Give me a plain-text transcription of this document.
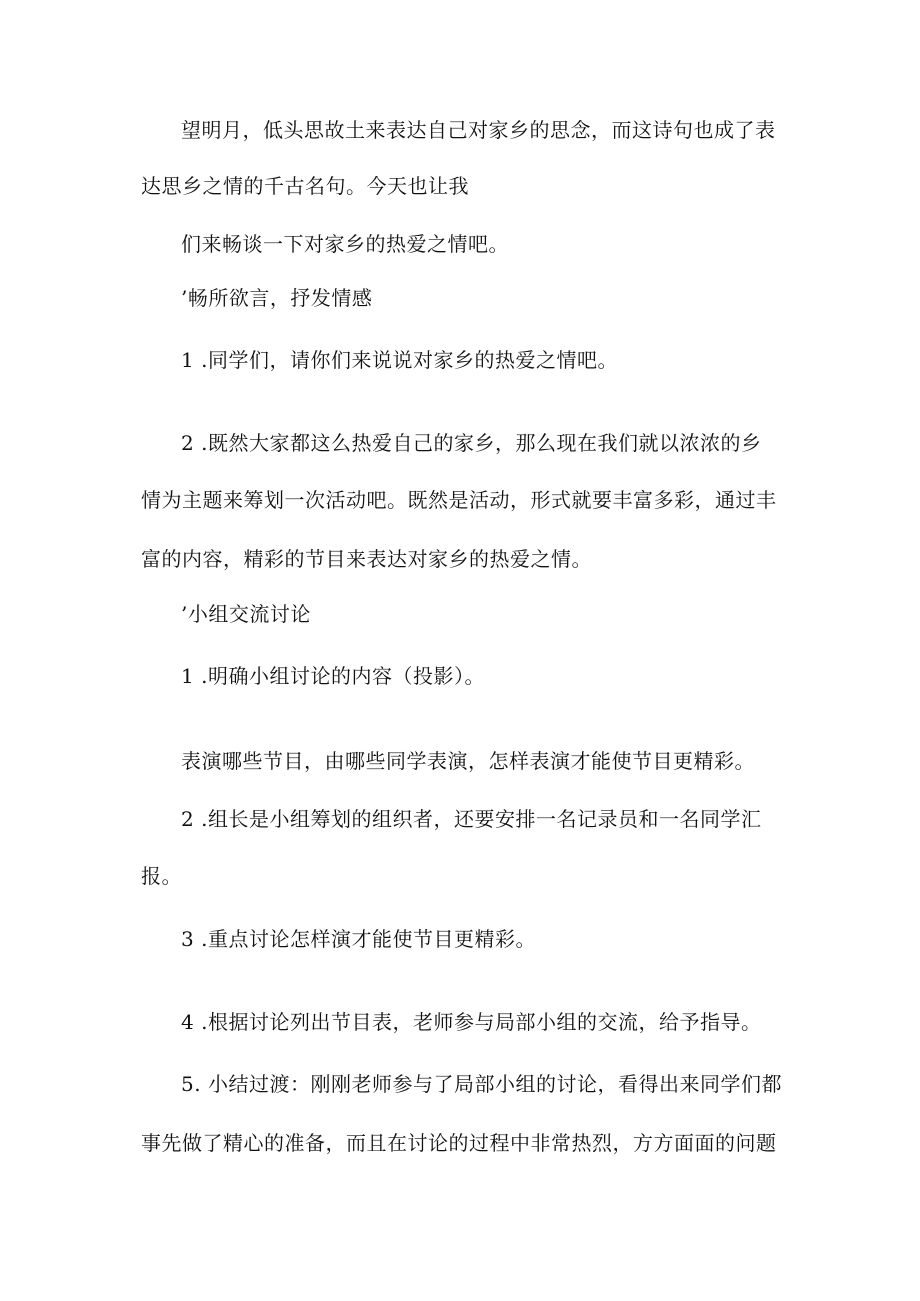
望明月，低头思故土来表达自己对家乡的思念，而这诗句也成了表
达思乡之情的千古名句。今天也让我
们来畅谈一下对家乡的热爱之情吧。
’畅所欲言，抒发情感
1 .同学们，请你们来说说对家乡的热爱之情吧。
2 .既然大家都这么热爱自己的家乡，那么现在我们就以浓浓的乡
情为主题来筹划一次活动吧。既然是活动，形式就要丰富多彩，通过丰
富的内容，精彩的节目来表达对家乡的热爱之情。
’小组交流讨论
1 .明确小组讨论的内容（投影）。
表演哪些节目，由哪些同学表演，怎样表演才能使节目更精彩。
2 .组长是小组筹划的组织者，还要安排一名记录员和一名同学汇
报。
3 .重点讨论怎样演才能使节目更精彩。
4 .根据讨论列出节目表，老师参与局部小组的交流，给予指导。
5. 小结过渡：刚刚老师参与了局部小组的讨论，看得出来同学们都
事先做了精心的准备，而且在讨论的过程中非常热烈，方方面面的问题
